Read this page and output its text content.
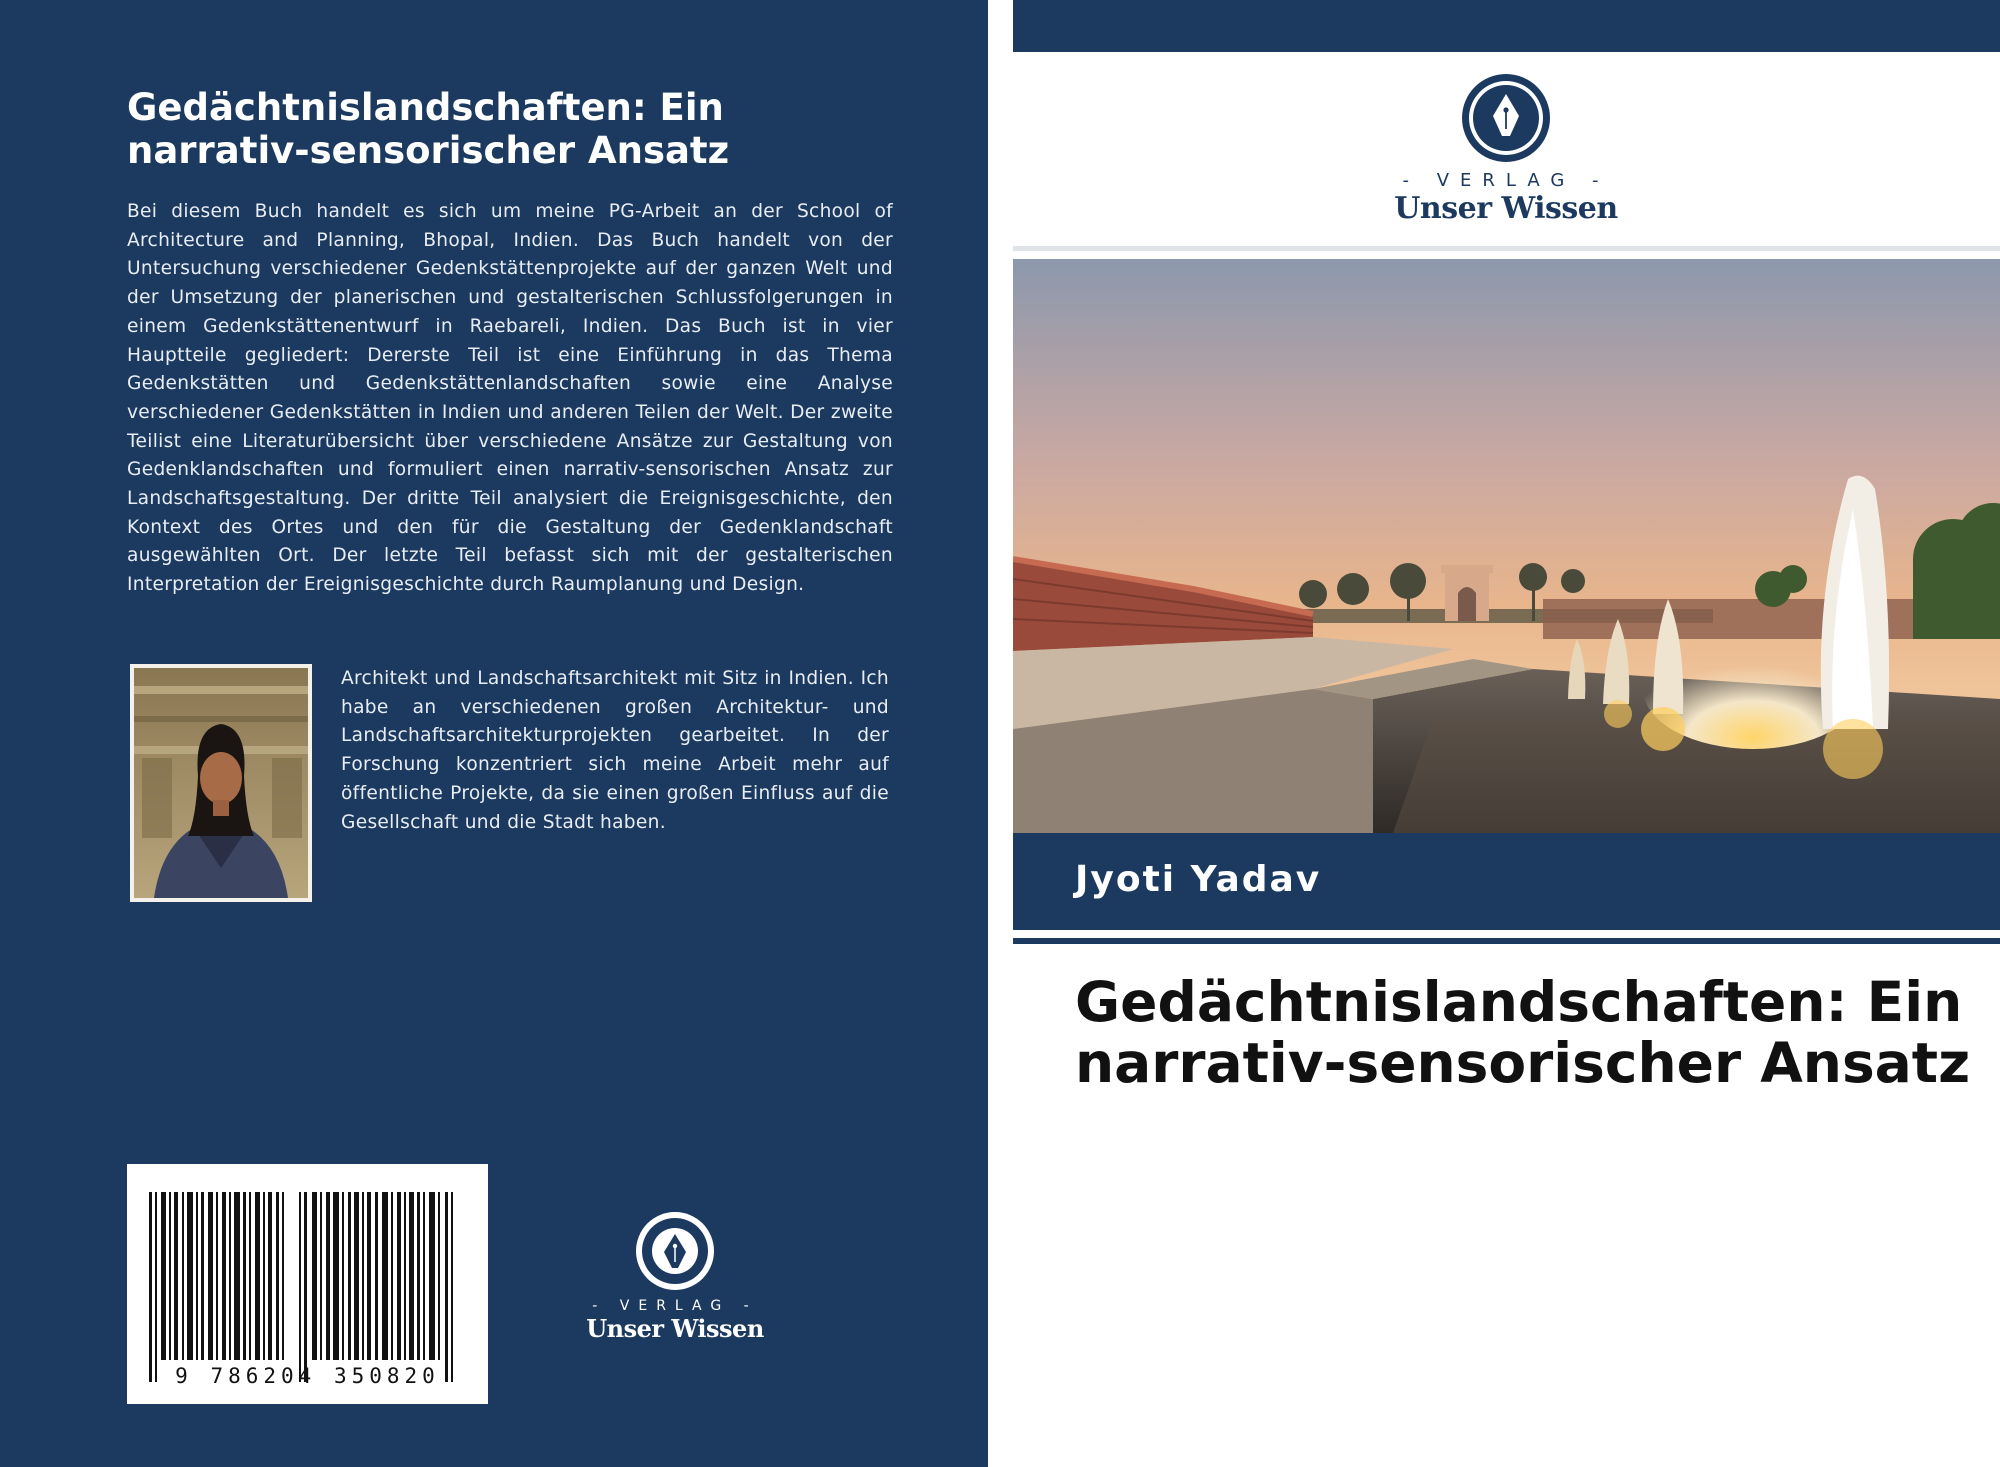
Gedächtnislandschaften: Ein narrativ-sensorischer Ansatz

Bei diesem Buch handelt es sich um meine PG-Arbeit an der School of Architecture and Planning, Bhopal, Indien. Das Buch handelt von der Untersuchung verschiedener Gedenkstättenprojekte auf der ganzen Welt und der Umsetzung der planerischen und gestalterischen Schlussfolgerungen in einem Gedenkstättenentwurf in Raebareli, Indien. Das Buch ist in vier Hauptteile gegliedert: Dererste Teil ist eine Einführung in das Thema Gedenkstätten und Gedenkstättenlandschaften sowie eine Analyse verschiedener Gedenkstätten in Indien und anderen Teilen der Welt. Der zweite Teilist eine Literaturübersicht über verschiedene Ansätze zur Gestaltung von Gedenklandschaften und formuliert einen narrativ-sensorischen Ansatz zur Landschaftsgestaltung. Der dritte Teil analysiert die Ereignisgeschichte, den Kontext des Ortes und den für die Gestaltung der Gedenklandschaft ausgewählten Ort. Der letzte Teil befasst sich mit der gestalterischen Interpretation der Ereignisgeschichte durch Raumplanung und Design.

Architekt und Landschaftsarchitekt mit Sitz in Indien. Ich habe an verschiedenen großen Architektur- und Landschaftsarchitekturprojekten gearbeitet. In der Forschung konzentriert sich meine Arbeit mehr auf öffentliche Projekte, da sie einen großen Einfluss auf die Gesellschaft und die Stadt haben.

9 786204 350820
- VERLAG -
Unser Wissen
- VERLAG -
Unser Wissen

Jyoti Yadav

Gedächtnislandschaften: Ein narrativ-sensorischer Ansatz
